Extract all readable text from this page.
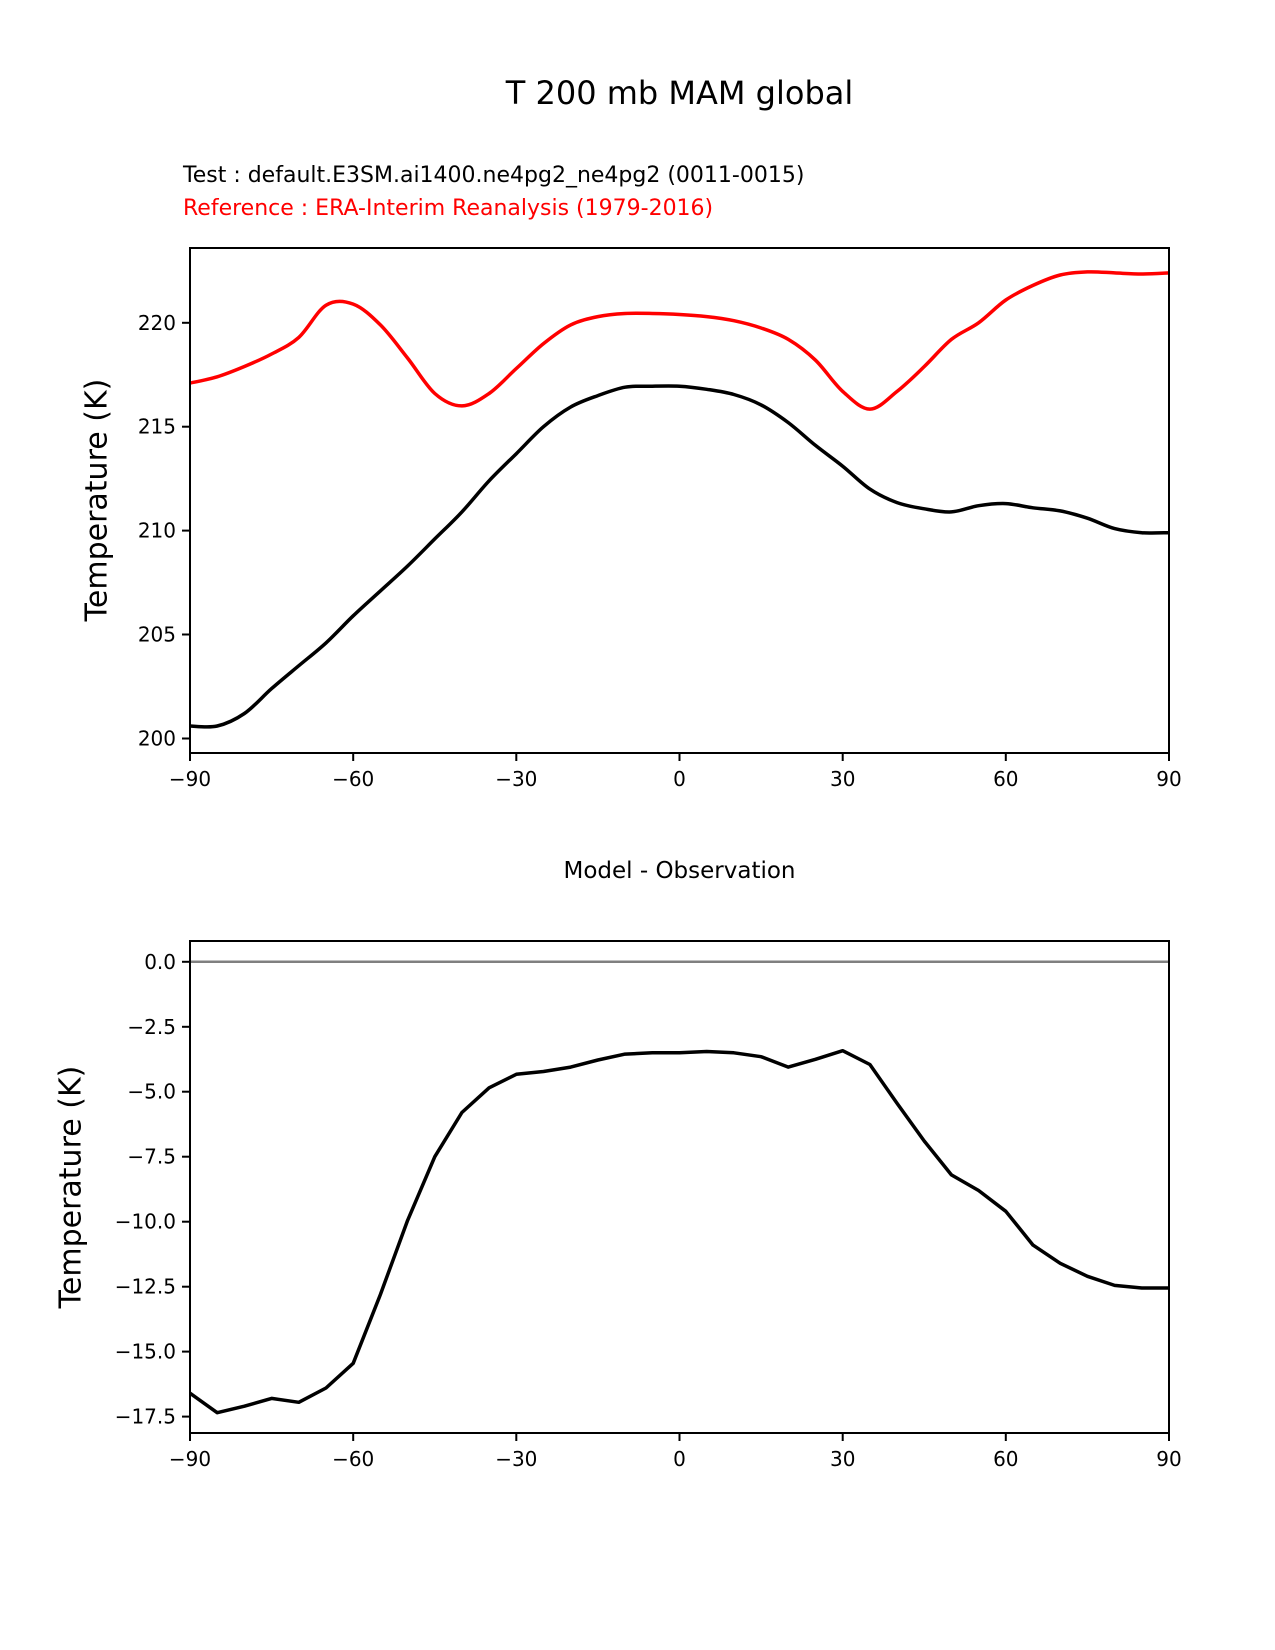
T 200 mb MAM global
Test : default.E3SM.ai1400.ne4pg2_ne4pg2 (0011-0015)
Reference : ERA-Interim Reanalysis (1979-2016)
Temperature (K)
Temperature (K)
Model - Observation
−90	−60	−30	0	30	60	90
200
205
210
215
220
−90	−60	−30	0	30	60	90
0.0
−2.5
−5.0
−7.5
−10.0
−12.5
−15.0
−17.5
